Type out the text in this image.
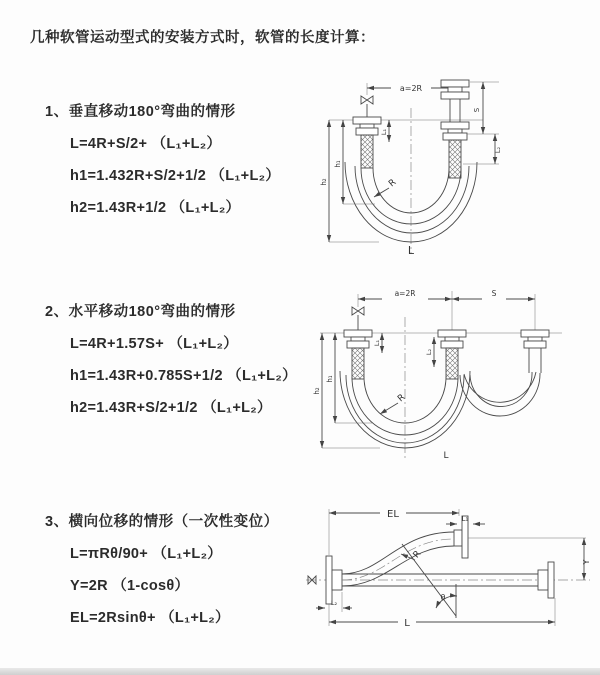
几种软管运动型式的安装方式时，软管的长度计算：
1、垂直移动180°弯曲的情形
L=4R+S/2+ （L₁+L₂）
h1=1.432R+S/2+1/2 （L₁+L₂）
h2=1.43R+1/2 （L₁+L₂）
a=2R
R
L
h₂
h₁
L₁
S
L₂
2、水平移动180°弯曲的情形
L=4R+1.57S+ （L₁+L₂）
h1=1.43R+0.785S+1/2 （L₁+L₂）
h2=1.43R+S/2+1/2 （L₁+L₂）
a=2R	S
R
h₂
h₁
L₁
L₂
L
3、横向位移的情形（一次性变位）
L=πRθ/90+ （L₁+L₂）
Y=2R （1-cosθ）
EL=2Rsinθ+ （L₁+L₂）
EL	L₁
Y
R
θ
L
L₂
